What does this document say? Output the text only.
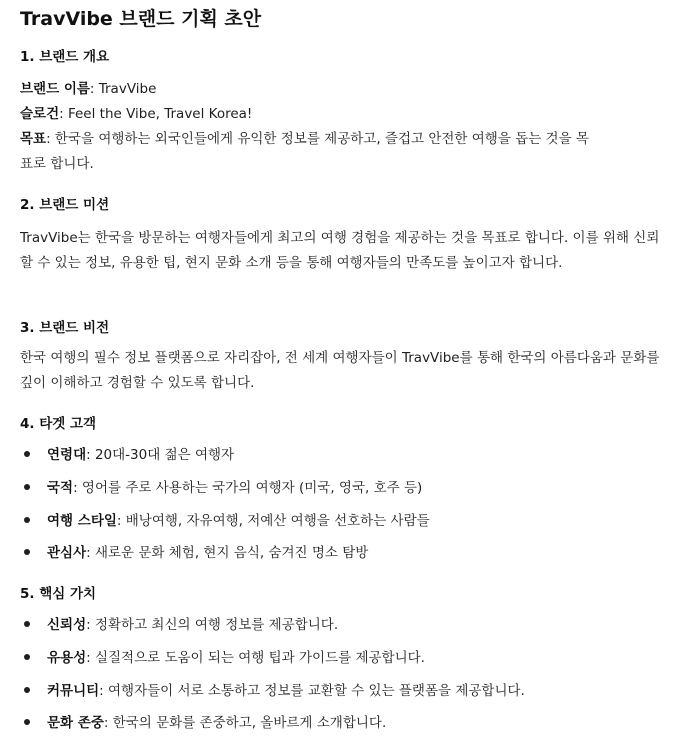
TravVibe 브랜드 기획 초안
1. 브랜드 개요

브랜드 이름: TravVibe

슬로건: Feel the Vibe, Travel Korea!

목표: 한국을 여행하는 외국인들에게 유익한 정보를 제공하고, 즐겁고 안전한 여행을 돕는 것을 목

표로 합니다.

2. 브랜드 미션

TravVibe는 한국을 방문하는 여행자들에게 최고의 여행 경험을 제공하는 것을 목표로 합니다. 이를 위해 신뢰할 수 있는 정보, 유용한 팁, 현지 문화 소개 등을 통해 여행자들의 만족도를 높이고자 합니다.

3. 브랜드 비전

한국 여행의 필수 정보 플랫폼으로 자리잡아, 전 세계 여행자들이 TravVibe를 통해 한국의 아름다움과 문화를 깊이 이해하고 경험할 수 있도록 합니다.

4. 타겟 고객

연령대: 20대-30대 젊은 여행자

국적: 영어를 주로 사용하는 국가의 여행자 (미국, 영국, 호주 등)

여행 스타일: 배낭여행, 자유여행, 저예산 여행을 선호하는 사람들

관심사: 새로운 문화 체험, 현지 음식, 숨겨진 명소 탐방

5. 핵심 가치

신뢰성: 정확하고 최신의 여행 정보를 제공합니다.

유용성: 실질적으로 도움이 되는 여행 팁과 가이드를 제공합니다.

커뮤니티: 여행자들이 서로 소통하고 정보를 교환할 수 있는 플랫폼을 제공합니다.

문화 존중: 한국의 문화를 존중하고, 올바르게 소개합니다.
